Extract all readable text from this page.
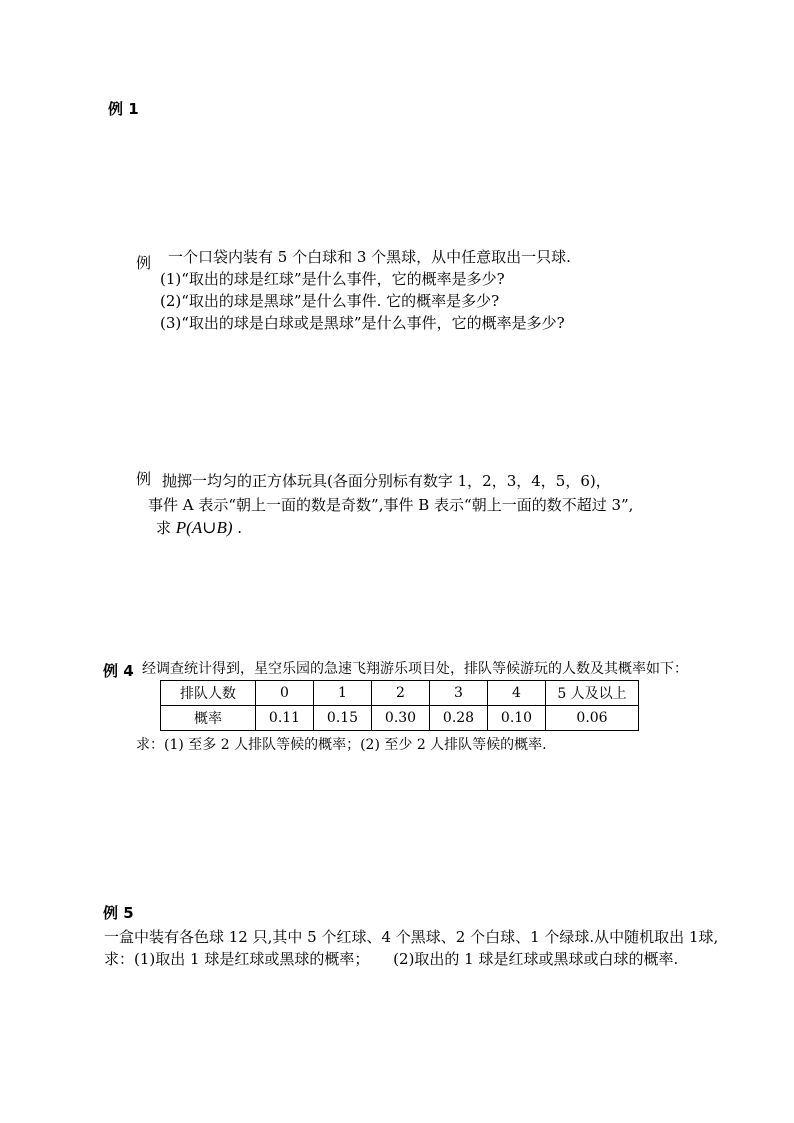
例 1
例 一个口袋内装有 5 个白球和 3 个黑球，从中任意取出一只球.
(1)“取出的球是红球”是什么事件，它的概率是多少?
(2)“取出的球是黑球”是什么事件. 它的概率是多少?
(3)“取出的球是白球或是黑球”是什么事件，它的概率是多少?
例 抛掷一均匀的正方体玩具(各面分别标有数字 1，2，3，4，5，6)，
事件 A 表示“朝上一面的数是奇数”,事件 B 表示“朝上一面的数不超过 3”,
求 P(A∪B) .
例 4 经调查统计得到，星空乐园的急速飞翔游乐项目处，排队等候游玩的人数及其概率如下：
排队人数	0	1	2	3	4	5 人及以上
概率	0.11	0.15	0.30	0.28	0.10	0.06
求：(1) 至多 2 人排队等候的概率；(2) 至少 2 人排队等候的概率.
例 5
一盒中装有各色球 12 只,其中 5 个红球、4 个黑球、2 个白球、1 个绿球.从中随机取出 1球,
求：(1)取出 1 球是红球或黑球的概率；     (2)取出的 1 球是红球或黑球或白球的概率.
